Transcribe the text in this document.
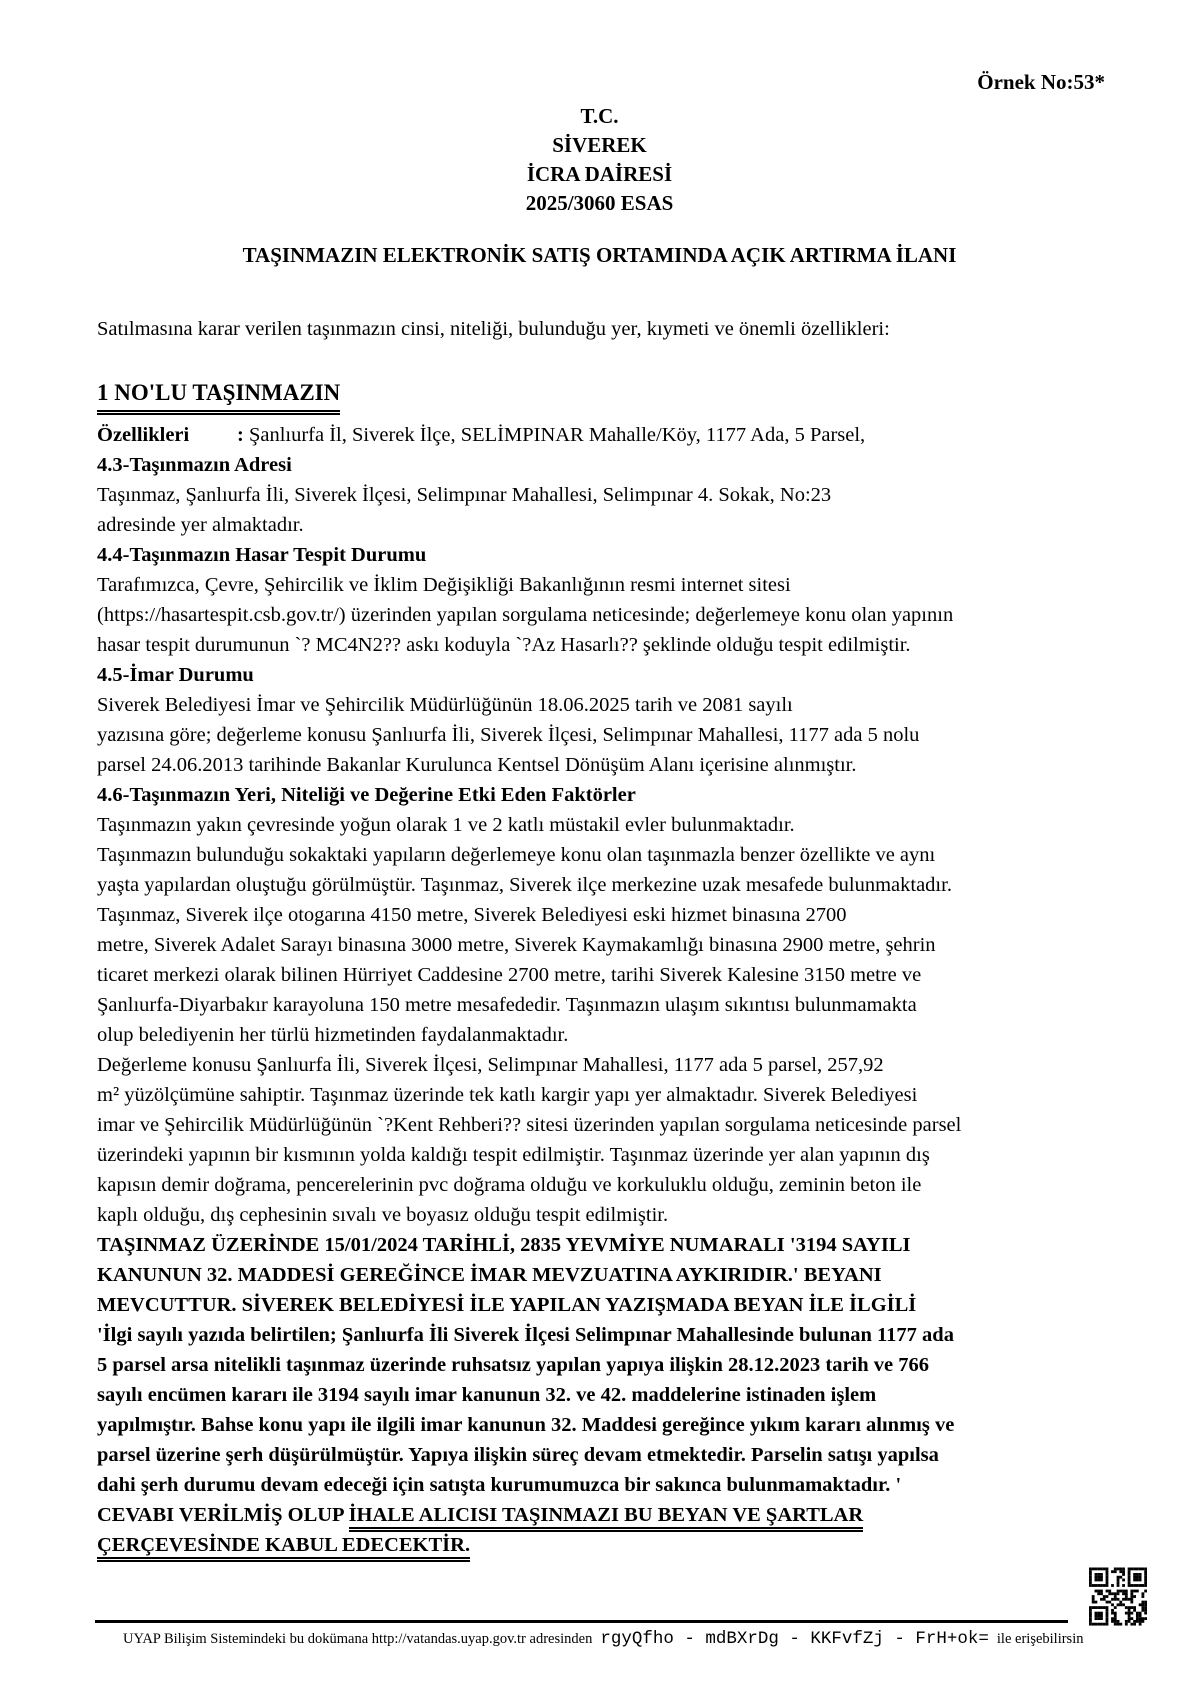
Örnek No:53*
T.C.
SİVEREK
İCRA DAİRESİ
2025/3060 ESAS
TAŞINMAZIN ELEKTRONİK SATIŞ ORTAMINDA AÇIK ARTIRMA İLANI
Satılmasına karar verilen taşınmazın cinsi, niteliği, bulunduğu yer, kıymeti ve önemli özellikleri:
1 NO'LU TAŞINMAZIN
Özellikleri : Şanlıurfa İl, Siverek İlçe, SELİMPINAR Mahalle/Köy, 1177 Ada, 5 Parsel,
4.3-Taşınmazın Adresi
Taşınmaz, Şanlıurfa İli, Siverek İlçesi, Selimpınar Mahallesi, Selimpınar 4. Sokak, No:23
adresinde yer almaktadır.
4.4-Taşınmazın Hasar Tespit Durumu
Tarafımızca, Çevre, Şehircilik ve İklim Değişikliği Bakanlığının resmi internet sitesi
(https://hasartespit.csb.gov.tr/) üzerinden yapılan sorgulama neticesinde; değerlemeye konu olan yapının
hasar tespit durumunun `? MC4N2?? askı koduyla `?Az Hasarlı?? şeklinde olduğu tespit edilmiştir.
4.5-İmar Durumu
Siverek Belediyesi İmar ve Şehircilik Müdürlüğünün 18.06.2025 tarih ve 2081 sayılı
yazısına göre; değerleme konusu Şanlıurfa İli, Siverek İlçesi, Selimpınar Mahallesi, 1177 ada 5 nolu
parsel 24.06.2013 tarihinde Bakanlar Kurulunca Kentsel Dönüşüm Alanı içerisine alınmıştır.
4.6-Taşınmazın Yeri, Niteliği ve Değerine Etki Eden Faktörler
Taşınmazın yakın çevresinde yoğun olarak 1 ve 2 katlı müstakil evler bulunmaktadır.
Taşınmazın bulunduğu sokaktaki yapıların değerlemeye konu olan taşınmazla benzer özellikte ve aynı
yaşta yapılardan oluştuğu görülmüştür. Taşınmaz, Siverek ilçe merkezine uzak mesafede bulunmaktadır.
Taşınmaz, Siverek ilçe otogarına 4150 metre, Siverek Belediyesi eski hizmet binasına 2700
metre, Siverek Adalet Sarayı binasına 3000 metre, Siverek Kaymakamlığı binasına 2900 metre, şehrin
ticaret merkezi olarak bilinen Hürriyet Caddesine 2700 metre, tarihi Siverek Kalesine 3150 metre ve
Şanlıurfa-Diyarbakır karayoluna 150 metre mesafededir. Taşınmazın ulaşım sıkıntısı bulunmamakta
olup belediyenin her türlü hizmetinden faydalanmaktadır.
Değerleme konusu Şanlıurfa İli, Siverek İlçesi, Selimpınar Mahallesi, 1177 ada 5 parsel, 257,92
m² yüzölçümüne sahiptir. Taşınmaz üzerinde tek katlı kargir yapı yer almaktadır. Siverek Belediyesi
imar ve Şehircilik Müdürlüğünün `?Kent Rehberi?? sitesi üzerinden yapılan sorgulama neticesinde parsel
üzerindeki yapının bir kısmının yolda kaldığı tespit edilmiştir. Taşınmaz üzerinde yer alan yapının dış
kapısın demir doğrama, pencerelerinin pvc doğrama olduğu ve korkuluklu olduğu, zeminin beton ile
kaplı olduğu, dış cephesinin sıvalı ve boyasız olduğu tespit edilmiştir.
TAŞINMAZ ÜZERİNDE 15/01/2024 TARİHLİ, 2835 YEVMİYE NUMARALI '3194 SAYILI
KANUNUN 32. MADDESİ GEREĞİNCE İMAR MEVZUATINA AYKIRIDIR.' BEYANI
MEVCUTTUR. SİVEREK BELEDİYESİ İLE YAPILAN YAZIŞMADA BEYAN İLE İLGİLİ
'İlgi sayılı yazıda belirtilen; Şanlıurfa İli Siverek İlçesi Selimpınar Mahallesinde bulunan 1177 ada
5 parsel arsa nitelikli taşınmaz üzerinde ruhsatsız yapılan yapıya ilişkin 28.12.2023 tarih ve 766
sayılı encümen kararı ile 3194 sayılı imar kanunun 32. ve 42. maddelerine istinaden işlem
yapılmıştır. Bahse konu yapı ile ilgili imar kanunun 32. Maddesi gereğince yıkım kararı alınmış ve
parsel üzerine şerh düşürülmüştür. Yapıya ilişkin süreç devam etmektedir. Parselin satışı yapılsa
dahi şerh durumu devam edeceği için satışta kurumumuzca bir sakınca bulunmamaktadır. '
CEVABI VERİLMİŞ OLUP İHALE ALICISI TAŞINMAZI BU BEYAN VE ŞARTLAR
ÇERÇEVESİNDE KABUL EDECEKTİR.
UYAP Bilişim Sistemindeki bu dokümana http://vatandas.uyap.gov.tr adresinden rgyQfho - mdBXrDg - KKFvfZj - FrH+ok= ile erişebilirsin
